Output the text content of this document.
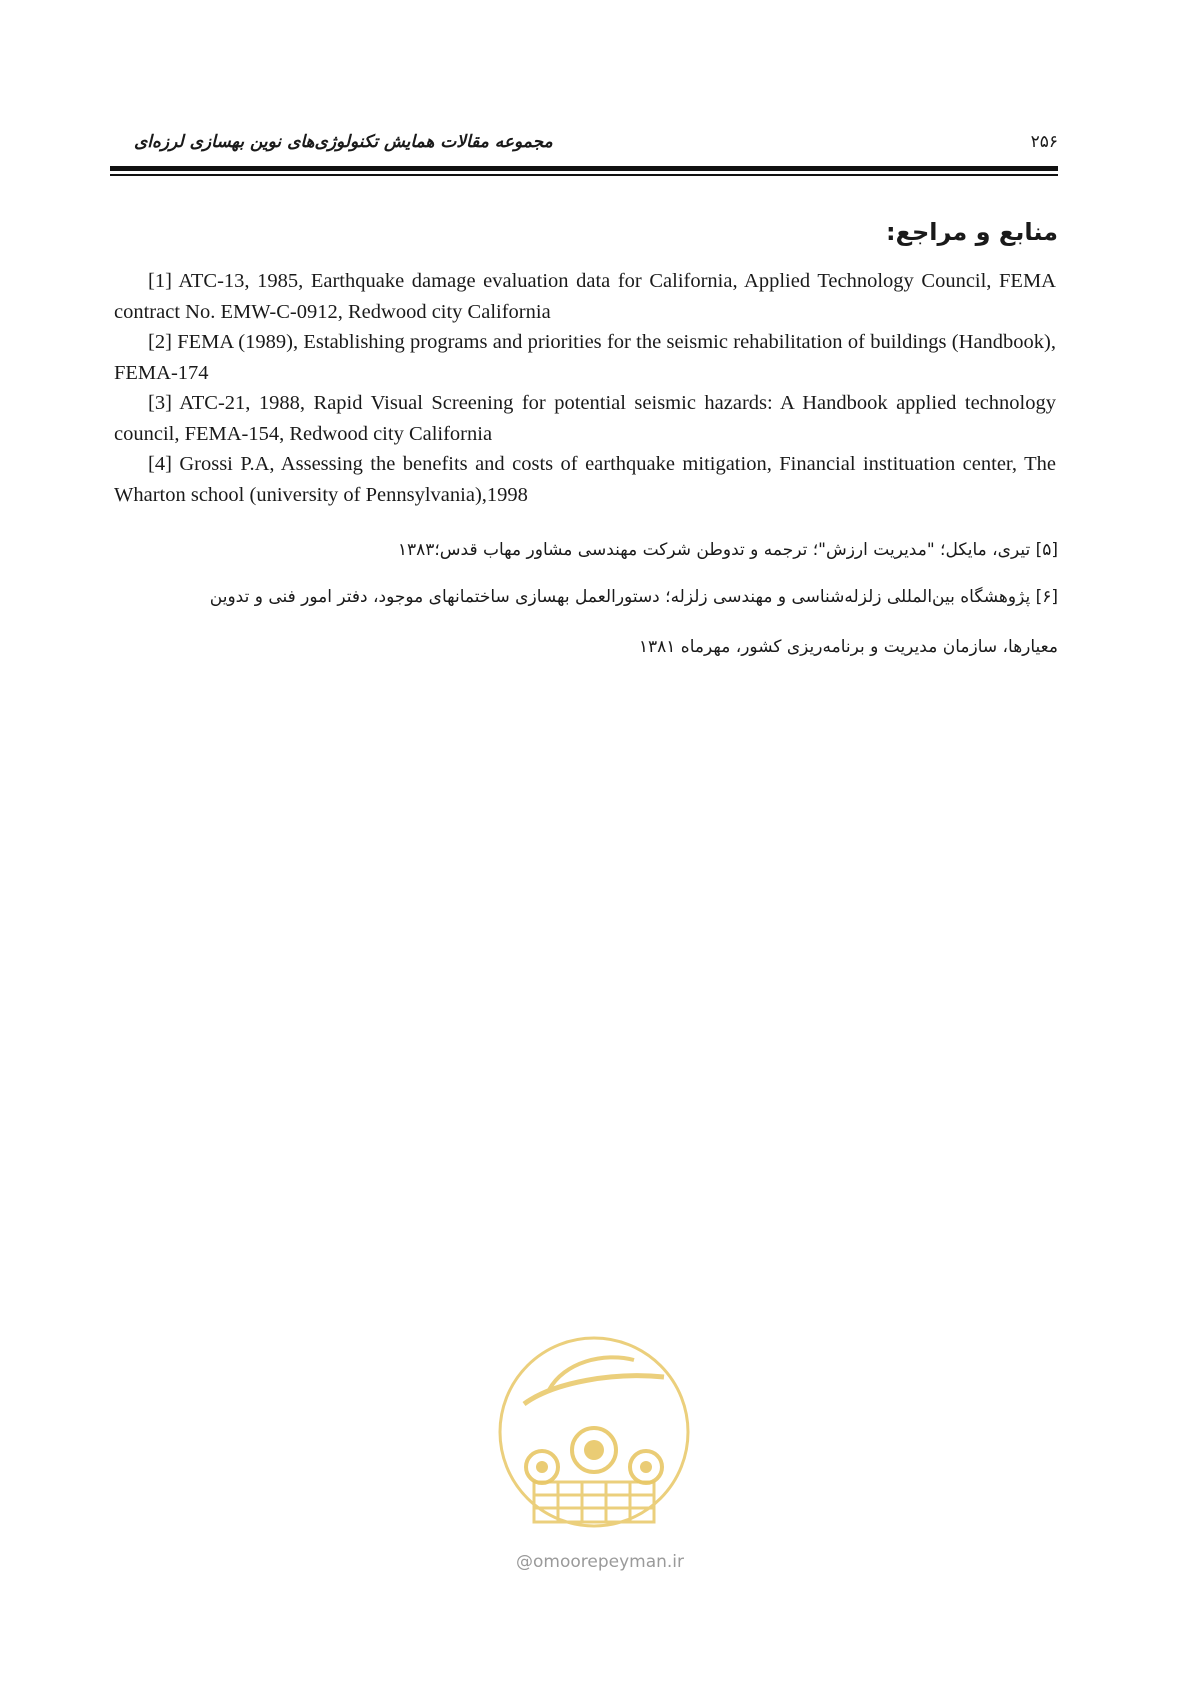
مجموعه مقالات همایش تکنولوژی‌های نوین بهسازی لرزه‌ای	۲۵۶
منابع و مراجع:

[1] ATC-13, 1985, Earthquake damage evaluation data for California, Applied Technology Council, FEMA contract No. EMW-C-0912, Redwood city California

[2] FEMA (1989), Establishing programs and priorities for the seismic rehabilitation of buildings (Handbook), FEMA-174

[3] ATC-21, 1988, Rapid Visual Screening for potential seismic hazards: A Handbook applied technology council, FEMA-154, Redwood city California

[4] Grossi P.A, Assessing the benefits and costs of earthquake mitigation, Financial instituation center, The Wharton school (university of Pennsylvania),1998

[۵] تیری، مایکل؛ "مدیریت ارزش"؛ ترجمه و تدوطن شرکت مهندسی مشاور مهاب قدس؛۱۳۸۳
[۶] پژوهشگاه بین‌المللی زلزله‌شناسی و مهندسی زلزله؛ دستورالعمل بهسازی ساختمانهای موجود، دفتر امور فنی و تدوین
معیارها، سازمان مدیریت و برنامه‌ریزی کشور، مهرماه ۱۳۸۱
@omoorepeyman.ir
